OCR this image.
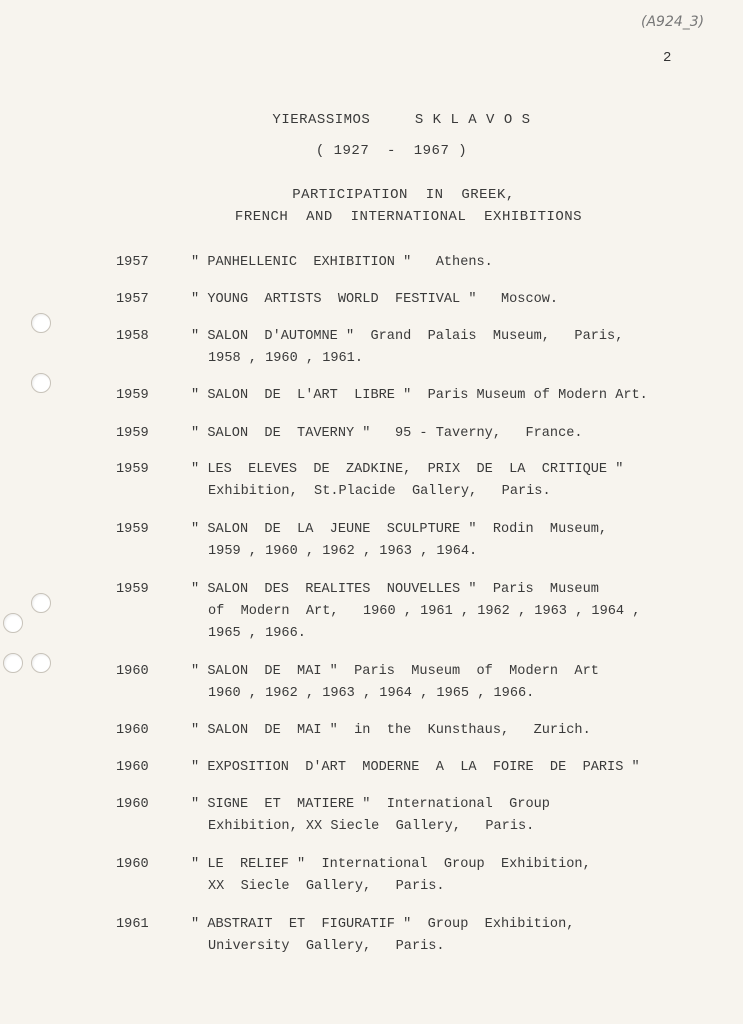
(A924_3)
2
YIERASSIMOS     S K L A V O S
( 1927  -  1967 )
PARTICIPATION  IN  GREEK,
FRENCH  AND  INTERNATIONAL  EXHIBITIONS
1957	" PANHELLENIC  EXHIBITION "   Athens.
1957	" YOUNG  ARTISTS  WORLD  FESTIVAL "   Moscow.
1958	" SALON  D'AUTOMNE "  Grand  Palais  Museum,   Paris,
1958 , 1960 , 1961.
1959	" SALON  DE  L'ART  LIBRE "  Paris Museum of Modern Art.
1959	" SALON  DE  TAVERNY "   95 - Taverny,   France.
1959	" LES  ELEVES  DE  ZADKINE,  PRIX  DE  LA  CRITIQUE "
Exhibition,  St.Placide  Gallery,   Paris.
1959	" SALON  DE  LA  JEUNE  SCULPTURE "  Rodin  Museum,
1959 , 1960 , 1962 , 1963 , 1964.
1959	" SALON  DES  REALITES  NOUVELLES "  Paris  Museum
of  Modern  Art,   1960 , 1961 , 1962 , 1963 , 1964 ,
1965 , 1966.
1960	" SALON  DE  MAI "  Paris  Museum  of  Modern  Art
1960 , 1962 , 1963 , 1964 , 1965 , 1966.
1960	" SALON  DE  MAI "  in  the  Kunsthaus,   Zurich.
1960	" EXPOSITION  D'ART  MODERNE  A  LA  FOIRE  DE  PARIS "
1960	" SIGNE  ET  MATIERE "  International  Group
Exhibition, XX Siecle  Gallery,   Paris.
1960	" LE  RELIEF "  International  Group  Exhibition,
XX  Siecle  Gallery,   Paris.
1961	" ABSTRAIT  ET  FIGURATIF "  Group  Exhibition,
University  Gallery,   Paris.
